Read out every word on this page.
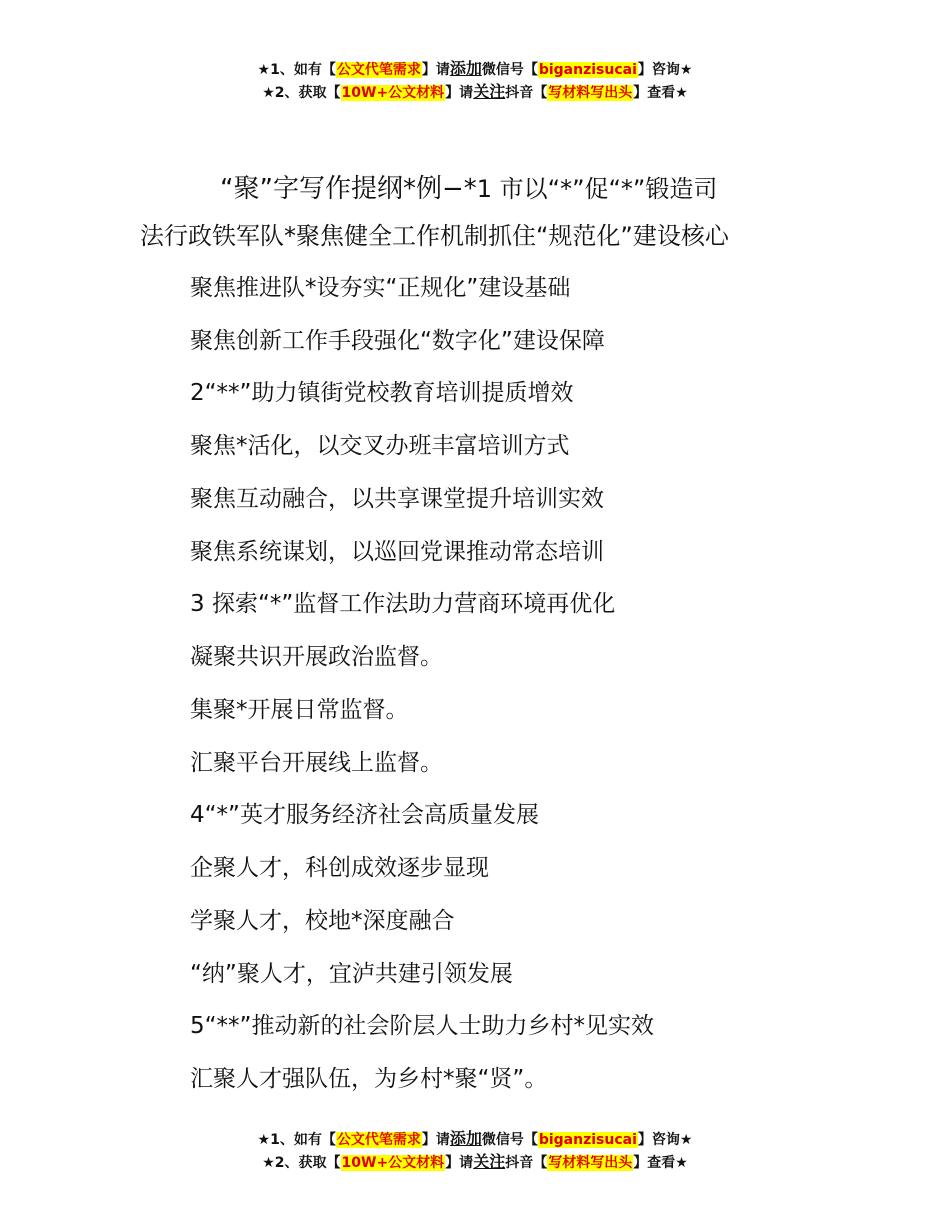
★1、如有【公文代笔需求】请添加微信号【biganzisucai】咨询★
★2、获取【10W+公文材料】请关注抖音【写材料写出头】查看★
“聚”字写作提纲*例−*1 市以“*”促“*”锻造司
法行政铁军队*聚焦健全工作机制抓住“规范化”建设核心
聚焦推进队*设夯实“正规化”建设基础
聚焦创新工作手段强化“数字化”建设保障
2“**”助力镇街党校教育培训提质增效
聚焦*活化，以交叉办班丰富培训方式
聚焦互动融合，以共享课堂提升培训实效
聚焦系统谋划，以巡回党课推动常态培训
3 探索“*”监督工作法助力营商环境再优化
凝聚共识开展政治监督。
集聚*开展日常监督。
汇聚平台开展线上监督。
4“*”英才服务经济社会高质量发展
企聚人才，科创成效逐步显现
学聚人才，校地*深度融合
“纳”聚人才，宜泸共建引领发展
5“**”推动新的社会阶层人士助力乡村*见实效
汇聚人才强队伍，为乡村*聚“贤”。
★1、如有【公文代笔需求】请添加微信号【biganzisucai】咨询★
★2、获取【10W+公文材料】请关注抖音【写材料写出头】查看★
